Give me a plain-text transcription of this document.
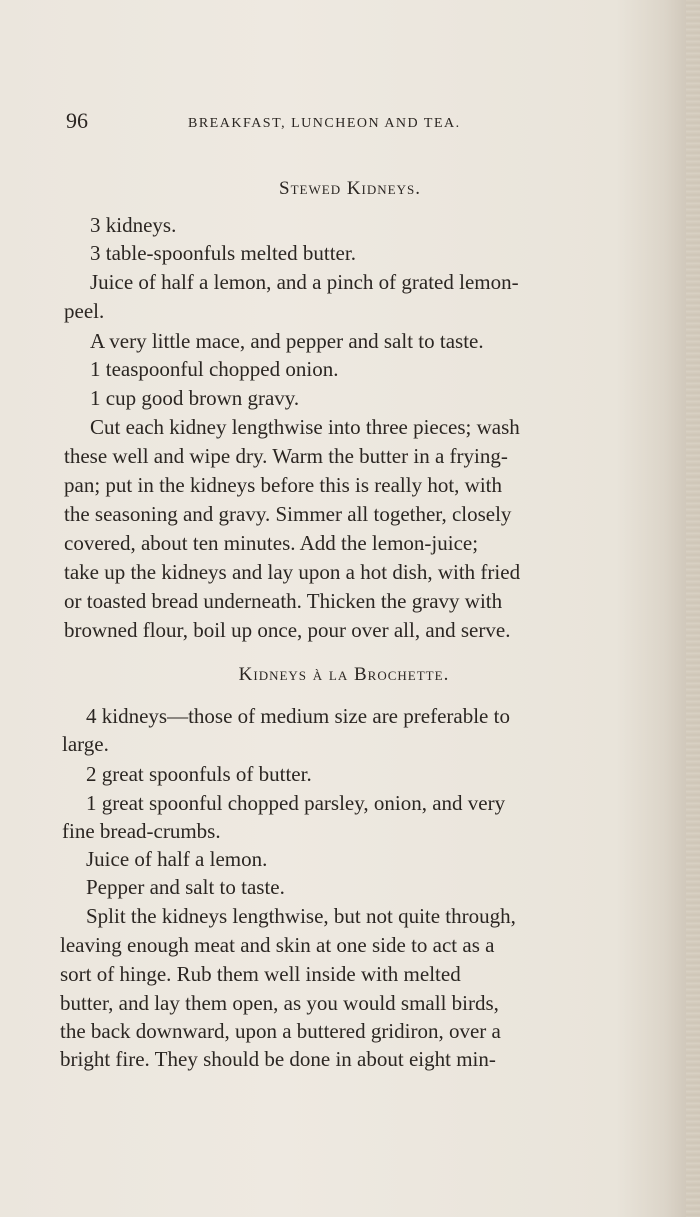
96	BREAKFAST, LUNCHEON AND TEA.
Stewed Kidneys.
3 kidneys.
3 table-spoonfuls melted butter.
Juice of half a lemon, and a pinch of grated lemon-
peel.
A very little mace, and pepper and salt to taste.
1 teaspoonful chopped onion.
1 cup good brown gravy.
Cut each kidney lengthwise into three pieces; wash
these well and wipe dry. Warm the butter in a frying-
pan; put in the kidneys before this is really hot, with
the seasoning and gravy. Simmer all together, closely
covered, about ten minutes. Add the lemon-juice;
take up the kidneys and lay upon a hot dish, with fried
or toasted bread underneath. Thicken the gravy with
browned flour, boil up once, pour over all, and serve.
Kidneys à la Brochette.
4 kidneys—those of medium size are preferable to
large.
2 great spoonfuls of butter.
1 great spoonful chopped parsley, onion, and very
fine bread-crumbs.
Juice of half a lemon.
Pepper and salt to taste.
Split the kidneys lengthwise, but not quite through,
leaving enough meat and skin at one side to act as a
sort of hinge. Rub them well inside with melted
butter, and lay them open, as you would small birds,
the back downward, upon a buttered gridiron, over a
bright fire. They should be done in about eight min-
